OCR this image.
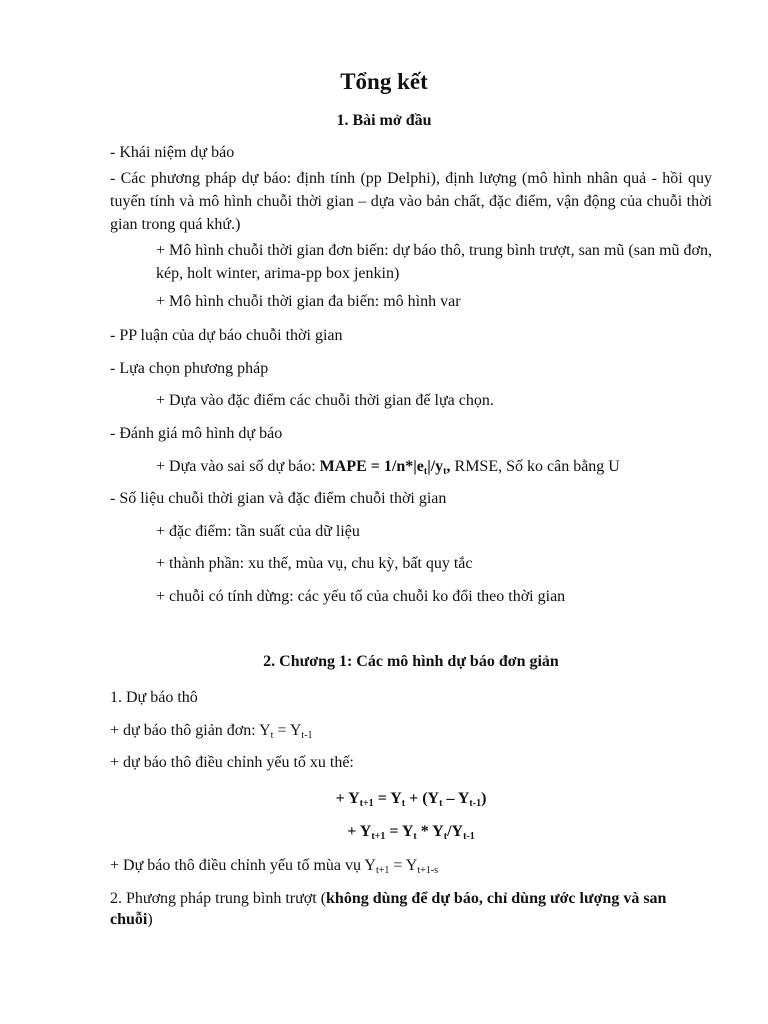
Tổng kết
1. Bài mở đầu

- Khái niệm dự báo

- Các phương pháp dự báo: định tính (pp Delphi), định lượng (mô hình nhân quả - hồi quy tuyến tính và mô hình chuỗi thời gian – dựa vào bản chất, đặc điểm, vận động của chuỗi thời gian trong quá khứ.)

+ Mô hình chuỗi thời gian đơn biến: dự báo thô, trung bình trượt, san mũ (san mũ đơn, kép, holt winter, arima-pp box jenkin)

+ Mô hình chuỗi thời gian đa biến: mô hình var

- PP luận của dự báo chuỗi thời gian

- Lựa chọn phương pháp

+ Dựa vào đặc điểm các chuỗi thời gian để lựa chọn.

- Đánh giá mô hình dự báo

+ Dựa vào sai số dự báo: MAPE = $1/n*|e_t|/y_t$, RMSE, Số ko cân bằng U

- Số liệu chuỗi thời gian và đặc điểm chuỗi thời gian

+ đặc điểm: tần suất của dữ liệu

+ thành phần: xu thế, mùa vụ, chu kỳ, bất quy tắc

+ chuỗi có tính dừng: các yếu tố của chuỗi ko đổi theo thời gian

2. Chương 1: Các mô hình dự báo đơn giản

1. Dự báo thô

+ dự báo thô giản đơn: $Y_t = Y_{t-1}$

+ dự báo thô điều chỉnh yếu tố xu thế:

+ $Y_{t+1} = Y_t + (Y_t - Y_{t-1})$

+ $Y_{t+1} = Y_t * Y_t/Y_{t-1}$

+ Dự báo thô điều chỉnh yếu tố mùa vụ $Y_{t+1} = Y_{t+1-s}$

2. Phương pháp trung bình trượt (không dùng để dự báo, chỉ dùng ước lượng và san chuỗi)
